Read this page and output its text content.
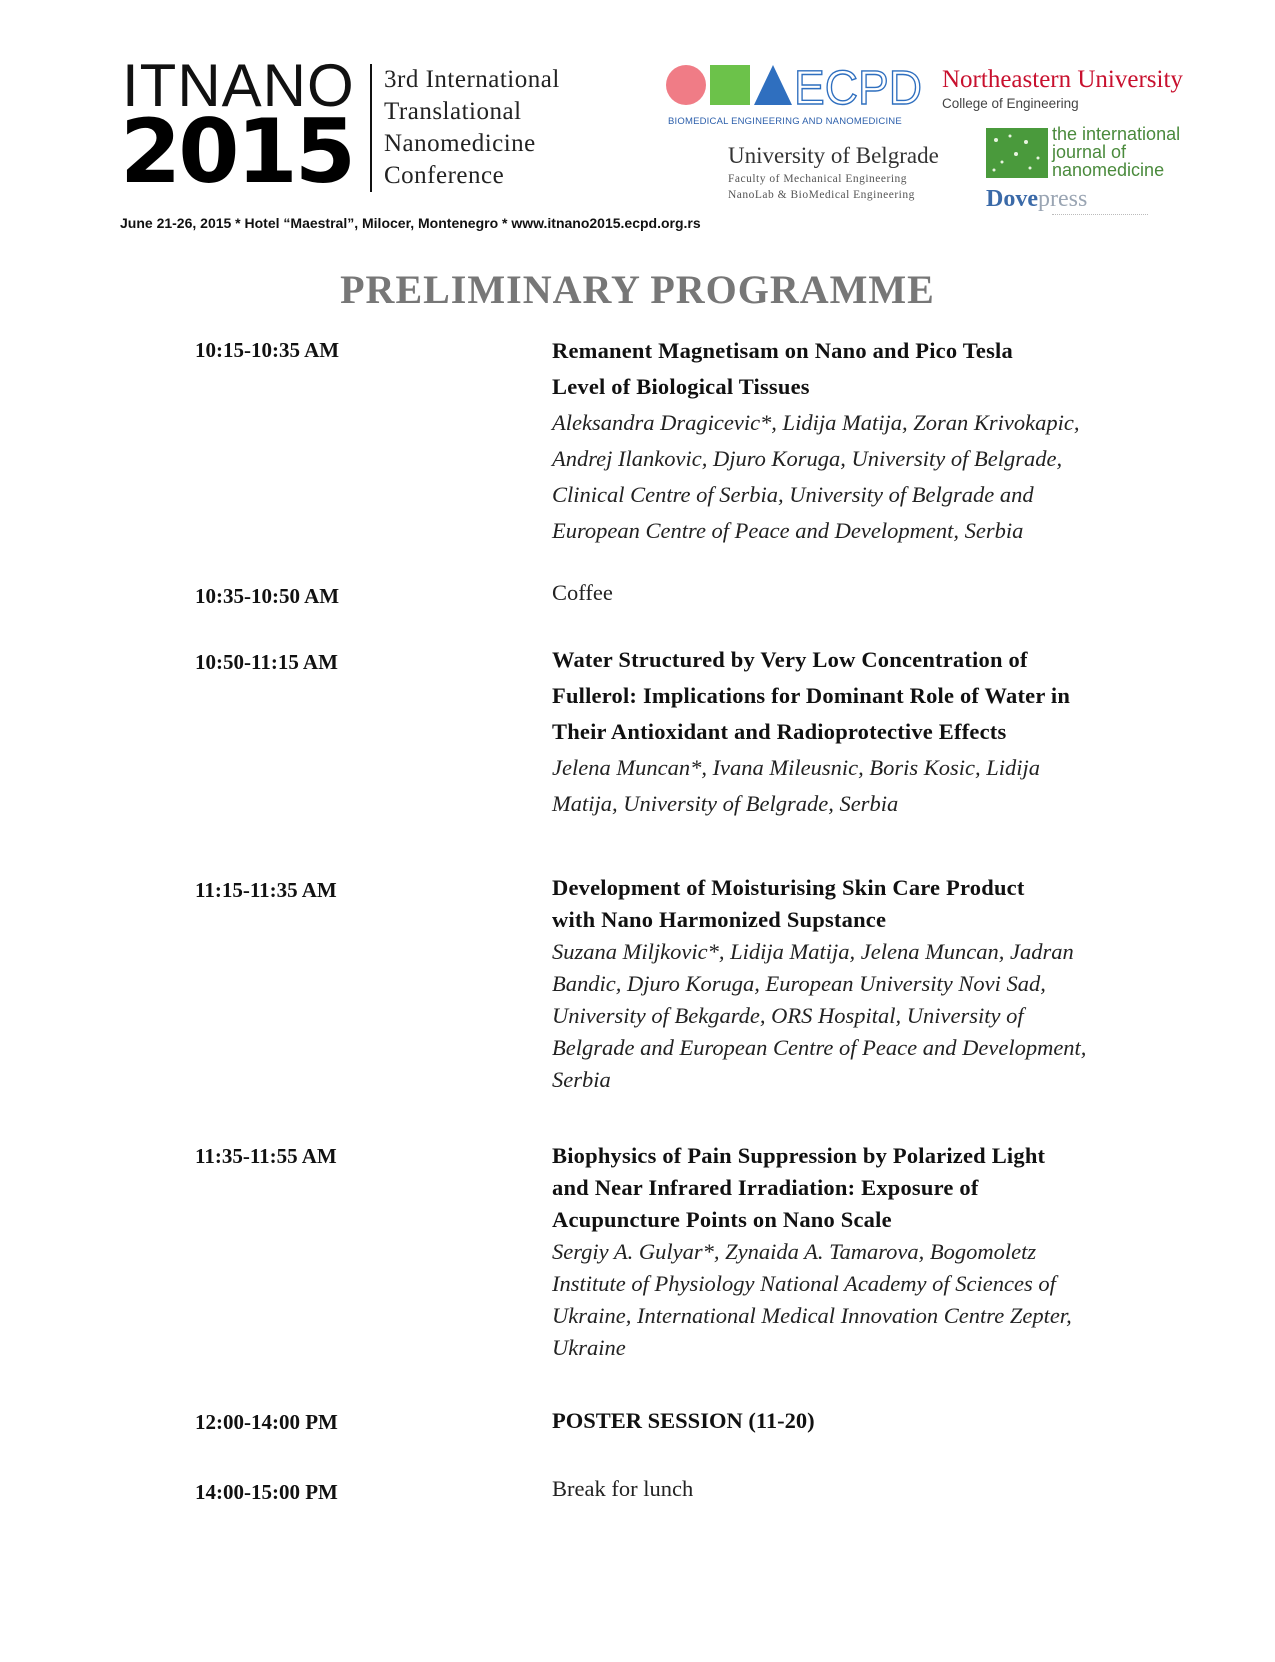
ITNANO
2015
3rd International
Translational
Nanomedicine
Conference
June 21-26, 2015 * Hotel “Maestral”, Milocer, Montenegro * www.itnano2015.ecpd.org.rs
ECPD
BIOMEDICAL ENGINEERING AND NANOMEDICINE
University of Belgrade
Faculty of Mechanical Engineering
NanoLab & BioMedical Engineering
Northeastern University
College of Engineering
the international
journal of
nanomedicine
Dovepress
PRELIMINARY PROGRAMME
10:15-10:35 AM	Remanent Magnetisam on Nano and Pico Tesla
Level of Biological Tissues
Aleksandra Dragicevic*, Lidija Matija, Zoran Krivokapic,
Andrej Ilankovic, Djuro Koruga, University of Belgrade,
Clinical Centre of Serbia, University of Belgrade and
European Centre of Peace and Development, Serbia
10:35-10:50 AM	Coffee
10:50-11:15 AM	Water Structured by Very Low Concentration of
Fullerol: Implications for Dominant Role of Water in
Their Antioxidant and Radioprotective Effects
Jelena Muncan*, Ivana Mileusnic, Boris Kosic, Lidija
Matija, University of Belgrade, Serbia
11:15-11:35 AM	Development of Moisturising Skin Care Product
with Nano Harmonized Supstance
Suzana Miljkovic*, Lidija Matija, Jelena Muncan, Jadran
Bandic, Djuro Koruga, European University Novi Sad,
University of Bekgarde, ORS Hospital, University of
Belgrade and European Centre of Peace and Development,
Serbia
11:35-11:55 AM	Biophysics of Pain Suppression by Polarized Light
and Near Infrared Irradiation: Exposure of
Acupuncture Points on Nano Scale
Sergiy A. Gulyar*, Zynaida A. Tamarova, Bogomoletz
Institute of Physiology National Academy of Sciences of
Ukraine, International Medical Innovation Centre Zepter,
Ukraine
12:00-14:00 PM	POSTER SESSION (11-20)
14:00-15:00 PM	Break for lunch
